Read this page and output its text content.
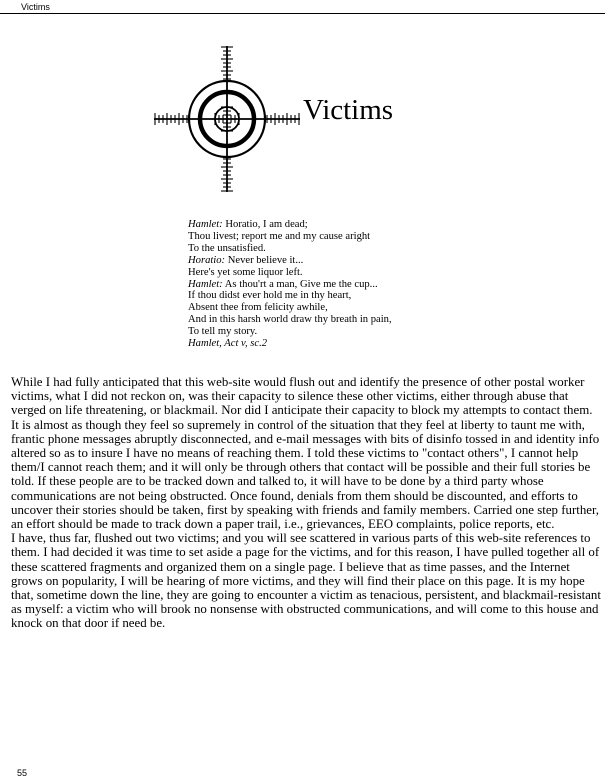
Victims
Victims
Hamlet: Horatio, I am dead;
Thou livest; report me and my cause aright
To the unsatisfied.
Horatio: Never believe it...
Here's yet some liquor left.
Hamlet: As thou'rt a man, Give me the cup...
If thou didst ever hold me in thy heart,
Absent thee from felicity awhile,
And in this harsh world draw thy breath in pain,
To tell my story.
Hamlet, Act v, sc.2

While I had fully anticipated that this web-site would flush out and identify the presence of other postal worker victims, what I did not reckon on, was their capacity to silence these other victims, either through abuse that verged on life threatening, or blackmail. Nor did I anticipate their capacity to block my attempts to contact them. It is almost as though they feel so supremely in control of the situation that they feel at liberty to taunt me with, frantic phone messages abruptly disconnected, and e-mail messages with bits of disinfo tossed in and identity info altered so as to insure I have no means of reaching them. I told these victims to "contact others", I cannot help them/I cannot reach them; and it will only be through others that contact will be possible and their full stories be told. If these people are to be tracked down and talked to, it will have to be done by a third party whose communications are not being obstructed. Once found, denials from them should be discounted, and efforts to uncover their stories should be taken, first by speaking with friends and family members. Carried one step further, an effort should be made to track down a paper trail, i.e., grievances, EEO complaints, police reports, etc.

I have, thus far, flushed out two victims; and you will see scattered in various parts of this web-site references to them. I had decided it was time to set aside a page for the victims, and for this reason, I have pulled together all of these scattered fragments and organized them on a single page. I believe that as time passes, and the Internet grows on popularity, I will be hearing of more victims, and they will find their place on this page. It is my hope that, sometime down the line, they are going to encounter a victim as tenacious, persistent, and blackmail-resistant as myself: a victim who will brook no nonsense with obstructed communications, and will come to this house and knock on that door if need be.

55
